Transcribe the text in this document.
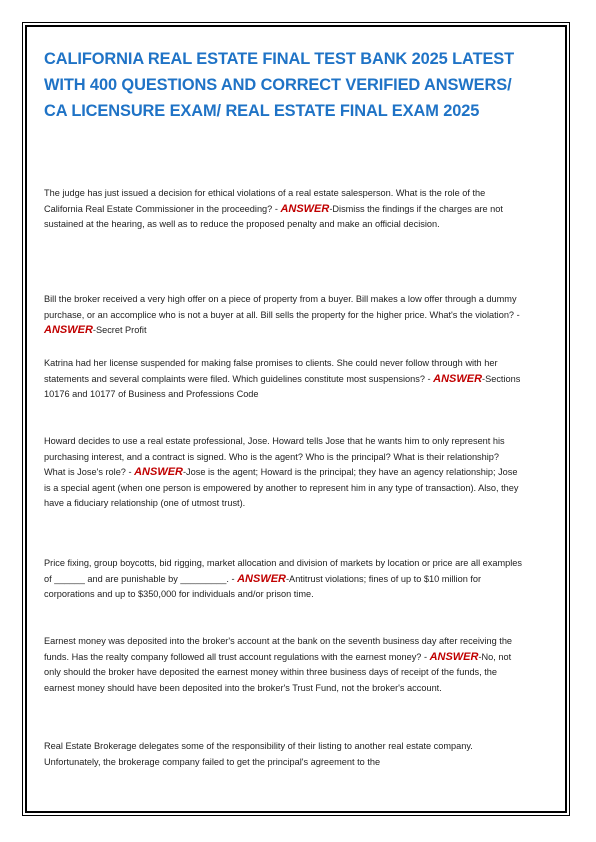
CALIFORNIA REAL ESTATE FINAL TEST BANK 2025 LATEST WITH 400 QUESTIONS AND CORRECT VERIFIED ANSWERS/ CA LICENSURE EXAM/ REAL ESTATE FINAL EXAM 2025

The judge has just issued a decision for ethical violations of a real estate salesperson. What is the role of the California Real Estate Commissioner in the proceeding? - ANSWER-Dismiss the findings if the charges are not sustained at the hearing, as well as to reduce the proposed penalty and make an official decision.

Bill the broker received a very high offer on a piece of property from a buyer. Bill makes a low offer through a dummy purchase, or an accomplice who is not a buyer at all. Bill sells the property for the higher price. What's the violation? - ANSWER-Secret Profit

Katrina had her license suspended for making false promises to clients. She could never follow through with her statements and several complaints were filed. Which guidelines constitute most suspensions? - ANSWER-Sections 10176 and 10177 of Business and Professions Code

Howard decides to use a real estate professional, Jose. Howard tells Jose that he wants him to only represent his purchasing interest, and a contract is signed. Who is the agent? Who is the principal? What is their relationship? What is Jose's role? - ANSWER-Jose is the agent; Howard is the principal; they have an agency relationship; Jose is a special agent (when one person is empowered by another to represent him in any type of transaction). Also, they have a fiduciary relationship (one of utmost trust).

Price fixing, group boycotts, bid rigging, market allocation and division of markets by location or price are all examples of ______ and are punishable by _________. - ANSWER-Antitrust violations; fines of up to $10 million for corporations and up to $350,000 for individuals and/or prison time.

Earnest money was deposited into the broker's account at the bank on the seventh business day after receiving the funds. Has the realty company followed all trust account regulations with the earnest money? - ANSWER-No, not only should the broker have deposited the earnest money within three business days of receipt of the funds, the earnest money should have been deposited into the broker's Trust Fund, not the broker's account.

Real Estate Brokerage delegates some of the responsibility of their listing to another real estate company. Unfortunately, the brokerage company failed to get the principal's agreement to the
